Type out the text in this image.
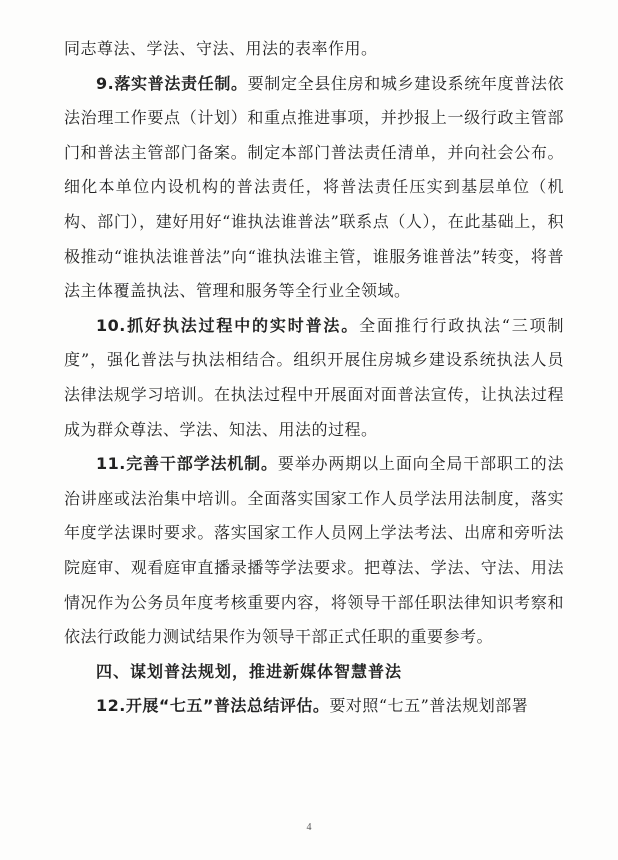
同志尊法、学法、守法、用法的表率作用。

9.落实普法责任制。要制定全县住房和城乡建设系统年度普法依法治理工作要点（计划）和重点推进事项，并抄报上一级行政主管部门和普法主管部门备案。制定本部门普法责任清单，并向社会公布。细化本单位内设机构的普法责任，将普法责任压实到基层单位（机构、部门），建好用好“谁执法谁普法”联系点（人），在此基础上，积极推动“谁执法谁普法”向“谁执法谁主管，谁服务谁普法”转变，将普法主体覆盖执法、管理和服务等全行业全领域。

10.抓好执法过程中的实时普法。全面推行行政执法“三项制度”，强化普法与执法相结合。组织开展住房城乡建设系统执法人员法律法规学习培训。在执法过程中开展面对面普法宣传，让执法过程成为群众尊法、学法、知法、用法的过程。

11.完善干部学法机制。要举办两期以上面向全局干部职工的法治讲座或法治集中培训。全面落实国家工作人员学法用法制度，落实年度学法课时要求。落实国家工作人员网上学法考法、出席和旁听法院庭审、观看庭审直播录播等学法要求。把尊法、学法、守法、用法情况作为公务员年度考核重要内容，将领导干部任职法律知识考察和依法行政能力测试结果作为领导干部正式任职的重要参考。

四、谋划普法规划，推进新媒体智慧普法

12.开展“七五”普法总结评估。要对照“七五”普法规划部署

4
